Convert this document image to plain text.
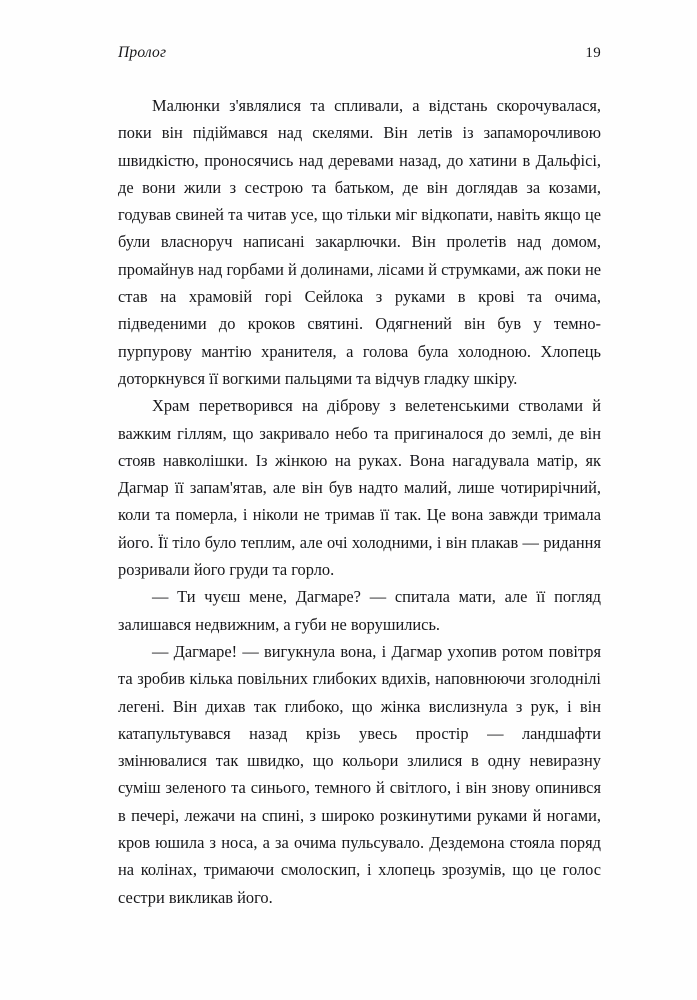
Пролог	19

Малюнки з'являлися та спливали, а відстань скорочувалася, поки він підіймався над скелями. Він летів із запаморочливою швидкістю, проносячись над деревами назад, до хатини в Дальфісі, де вони жили з сестрою та батьком, де він доглядав за козами, годував свиней та читав усе, що тільки міг відкопати, навіть якщо це були власноруч написані закарлючки. Він пролетів над домом, промайнув над горбами й долинами, лісами й струмками, аж поки не став на храмовій горі Сейлока з руками в крові та очима, підведеними до кроков святині. Одягнений він був у темно-пурпурову мантію хранителя, а голова була холодною. Хлопець доторкнувся її вогкими пальцями та відчув гладку шкіру.

Храм перетворився на діброву з велетенськими стволами й важким гіллям, що закривало небо та пригиналося до землі, де він стояв навколішки. Із жінкою на руках. Вона нагадувала матір, як Дагмар її запам'ятав, але він був надто малий, лише чотирирічний, коли та померла, і ніколи не тримав її так. Це вона завжди тримала його. Її тіло було теплим, але очі холодними, і він плакав — ридання розривали його груди та горло.

— Ти чуєш мене, Дагмаре? — спитала мати, але її погляд залишався недвижним, а губи не ворушились.

— Дагмаре! — вигукнула вона, і Дагмар ухопив ротом повітря та зробив кілька повільних глибоких вдихів, наповнюючи зголоднілі легені. Він дихав так глибоко, що жінка вислизнула з рук, і він катапультувався назад крізь увесь простір — ландшафти змінювалися так швидко, що кольори злилися в одну невиразну суміш зеленого та синього, темного й світлого, і він знову опинився в печері, лежачи на спині, з широко розкинутими руками й ногами, кров юшила з носа, а за очима пульсувало. Дездемона стояла поряд на колінах, тримаючи смолоскип, і хлопець зрозумів, що це голос сестри викликав його.
